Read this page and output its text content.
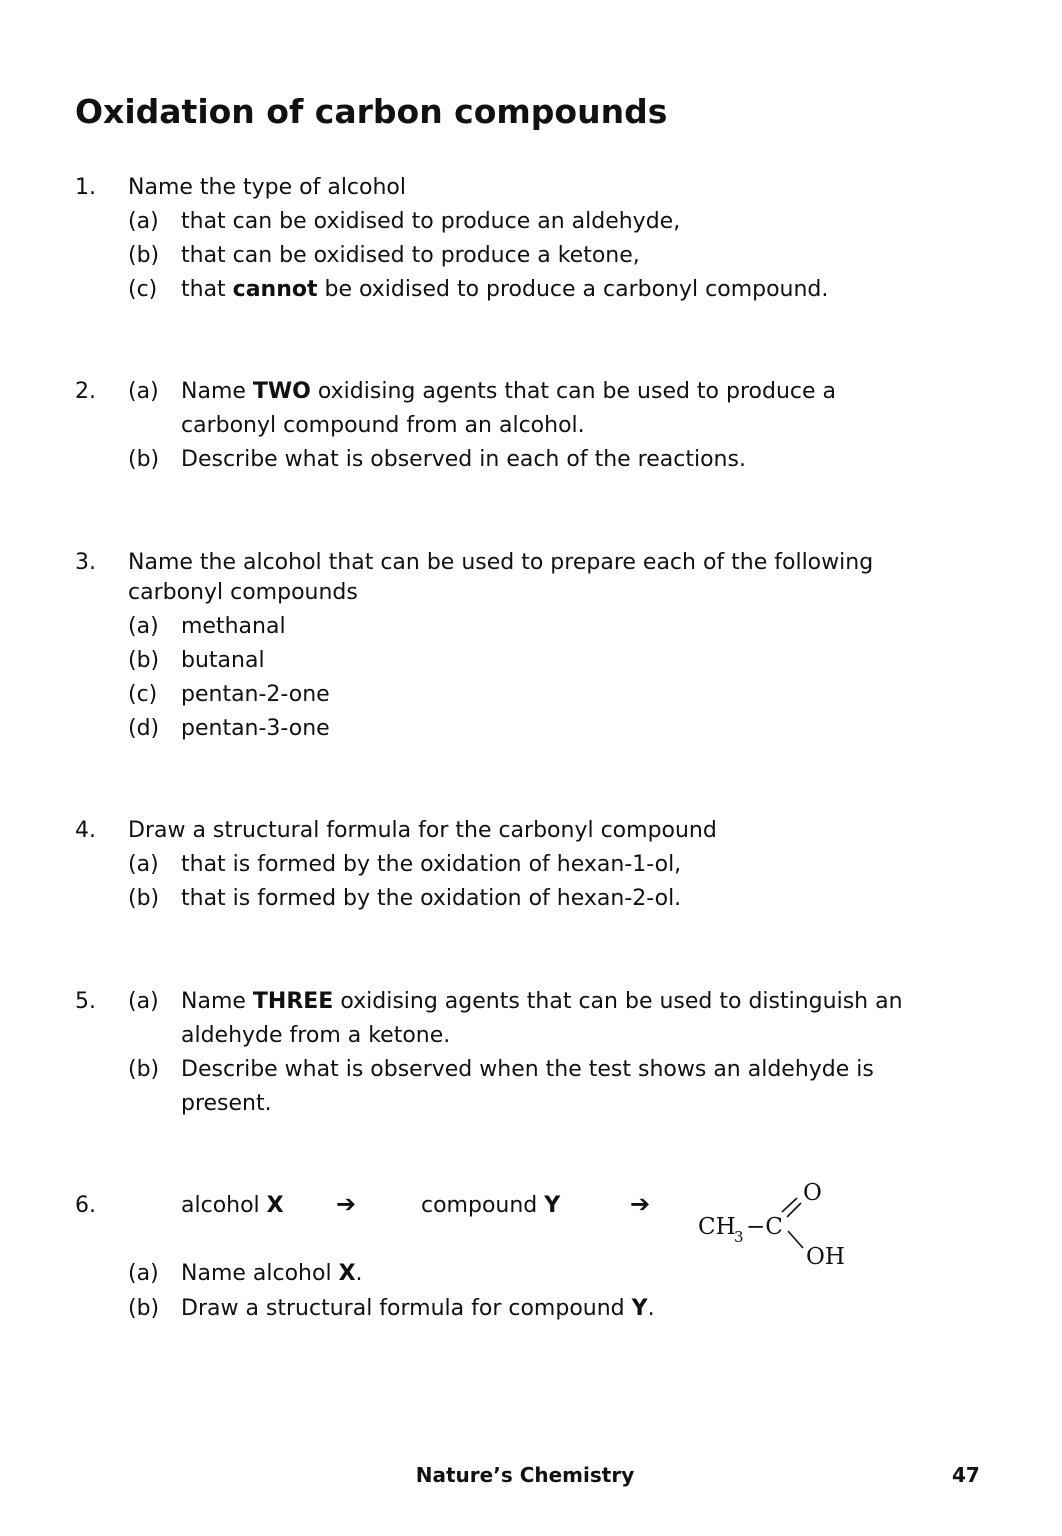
Oxidation of carbon compounds
1. Name the type of alcohol
(a) that can be oxidised to produce an aldehyde,
(b) that can be oxidised to produce a ketone,
(c) that cannot be oxidised to produce a carbonyl compound.
2. (a) Name TWO oxidising agents that can be used to produce a
carbonyl compound from an alcohol.
(b) Describe what is observed in each of the reactions.
3. Name the alcohol that can be used to prepare each of the following
carbonyl compounds
(a) methanal
(b) butanal
(c) pentan-2-one
(d) pentan-3-one
4. Draw a structural formula for the carbonyl compound
(a) that is formed by the oxidation of hexan-1-ol,
(b) that is formed by the oxidation of hexan-2-ol.
5. (a) Name THREE oxidising agents that can be used to distinguish an
aldehyde from a ketone.
(b) Describe what is observed when the test shows an aldehyde is
present.
6.	alcohol X ➔	compound Y	➔
CH
3 −C
O
OH
(a) Name alcohol X.
(b) Draw a structural formula for compound Y.
Nature’s Chemistry	47
